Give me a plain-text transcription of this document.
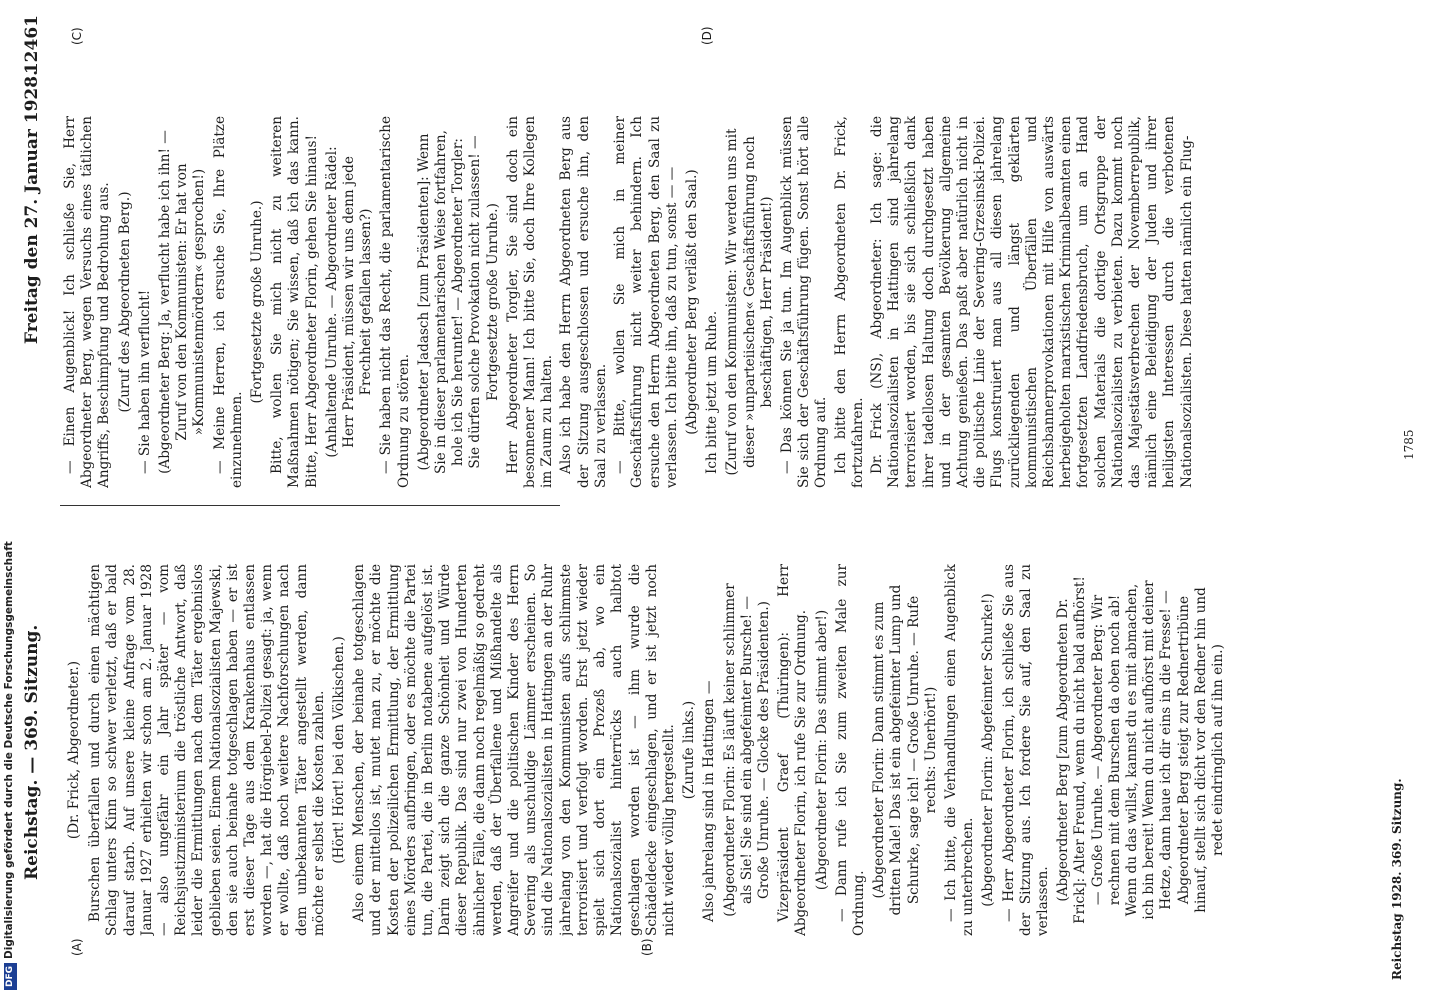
DFGDigitalisierung gefördert durch die Deutsche Forschungsgemeinschaft Reichstag. — 369. Sitzung.
Freitag den 27. Januar 1928.
12461
(A)	(B)
(C)	(D)

(Dr. Frick, Abgeordneter.) Burschen überfallen und durch einen mächtigen Schlag unters Kinn so schwer verletzt, daß er bald darauf starb. Auf unsere kleine Anfrage vom 28. Januar 1927 erhielten wir schon am 2. Januar 1928 — also ungefähr ein Jahr später — vom Reichsjustizministerium die tröstliche Antwort, daß leider die Ermittlungen nach dem Täter ergebnislos geblieben seien. Einem Nationalsozialisten Majewski, den sie auch beinahe totgeschlagen haben — er ist erst dieser Tage aus dem Krankenhaus entlassen worden —, hat die Hörgiebel-Polizei gesagt: ja, wenn er wollte, daß noch weitere Nachforschungen nach dem unbekannten Täter angestellt werden, dann möchte er selbst die Kosten zahlen. (Hört! Hört! bei den Völkischen.) Also einem Menschen, der beinahe totgeschlagen und der mittellos ist, mutet man zu, er möchte die Kosten der polizeilichen Ermittlung, der Ermittlung eines Mörders aufbringen, oder es möchte die Partei tun, die Partei, die in Berlin notabene aufgelöst ist. Darin zeigt sich die ganze Schönheit und Würde dieser Republik. Das sind nur zwei von Hunderten ähnlicher Fälle, die dann noch regelmäßig so gedreht werden, daß der Überfallene und Mißhandelte als Angreifer und die politischen Kinder des Herrn Severing als unschuldige Lämmer erscheinen. So sind die Nationalsozialisten in Hattingen an der Ruhr jahrelang von den Kommunisten aufs schlimmste terrorisiert und verfolgt worden. Erst jetzt wieder spielt sich dort ein Prozeß ab, wo ein Nationalsozialist hinterrücks auch halbtot geschlagen worden ist — ihm wurde die Schädeldecke eingeschlagen, und er ist jetzt noch nicht wieder völlig hergestellt. (Zurufe links.) Also jahrelang sind in Hattingen — (Abgeordneter Florin: Es läuft keiner schlimmer als Sie! Sie sind ein abgefeimter Bursche! — Große Unruhe. — Glocke des Präsidenten.) Vizepräsident Graef (Thüringen): Herr Abgeordneter Florin, ich rufe Sie zur Ordnung. (Abgeordneter Florin: Das stimmt aber!) — Dann rufe ich Sie zum zweiten Male zur Ordnung.

(Abgeordneter Florin: Dann stimmt es zum dritten Male! Das ist ein abgefeimter Lump und Schurke, sage ich! — Große Unruhe. — Rufe rechts: Unerhört!) — Ich bitte, die Verhandlungen einen Augenblick zu unterbrechen. (Abgeordneter Florin: Abgefeimter Schurke!) — Herr Abgeordneter Florin, ich schließe Sie aus der Sitzung aus. Ich fordere Sie auf, den Saal zu verlassen. (Abgeordneter Berg [zum Abgeordneten Dr. Frick]: Alter Freund, wenn du nicht bald aufhörst! — Große Unruhe. — Abgeordneter Berg: Wir rechnen mit dem Burschen da oben noch ab! Wenn du das willst, kannst du es mit abmachen, ich bin bereit! Wenn du nicht aufhörst mit deiner Hetze, dann haue ich dir eins in die Fresse! — Abgeordneter Berg steigt zur Rednertribüne hinauf, stellt sich dicht vor den Redner hin und redet eindringlich auf ihn ein.)

— Einen Augenblick! Ich schließe Sie, Herr Abgeordneter Berg, wegen Versuchs eines tätlichen Angriffs, Beschimpfung und Bedrohung aus. (Zuruf des Abgeordneten Berg.) — Sie haben ihn verflucht! (Abgeordneter Berg: Ja, verflucht habe ich ihn! — Zuruf von den Kommunisten: Er hat von »Kommunistenmördern« gesprochen!) — Meine Herren, ich ersuche Sie, Ihre Plätze einzunehmen.

(Fortgesetzte große Unruhe.) Bitte, wollen Sie mich nicht zu weiteren Maßnahmen nötigen; Sie wissen, daß ich das kann. Bitte, Herr Abgeordneter Florin, gehen Sie hinaus! (Anhaltende Unruhe. — Abgeordneter Rädel: Herr Präsident, müssen wir uns denn jede Frechheit gefallen lassen?) — Sie haben nicht das Recht, die parlamentarische Ordnung zu stören. (Abgeordneter Jadasch [zum Präsidenten]: Wenn Sie in dieser parlamentarischen Weise fortfahren, hole ich Sie herunter! — Abgeordneter Torgler: Sie dürfen solche Provokation nicht zulassen! — Fortgesetzte große Unruhe.) Herr Abgeordneter Torgler, Sie sind doch ein besonnener Mann! Ich bitte Sie, doch Ihre Kollegen im Zaum zu halten. Also ich habe den Herrn Abgeordneten Berg aus der Sitzung ausgeschlossen und ersuche ihn, den Saal zu verlassen. — Bitte, wollen Sie mich in meiner Geschäftsführung nicht weiter behindern. Ich ersuche den Herrn Abgeordneten Berg, den Saal zu verlassen. Ich bitte ihn, daß zu tun, sonst — — (Abgeordneter Berg verläßt den Saal.) Ich bitte jetzt um Ruhe. (Zuruf von den Kommunisten: Wir werden uns mit dieser »unparteiischen« Geschäftsführung noch beschäftigen, Herr Präsident!) — Das können Sie ja tun. Im Augenblick müssen Sie sich der Geschäftsführung fügen. Sonst hört alle Ordnung auf. Ich bitte den Herrn Abgeordneten Dr. Frick, fortzufahren. Dr. Frick (NS), Abgeordneter: Ich sage: die Nationalsozialisten in Hattingen sind jahrelang terrorisiert worden, bis sie sich schließlich dank ihrer tadellosen Haltung doch durchgesetzt haben und in der gesamten Bevölkerung allgemeine Achtung genießen. Das paßt aber natürlich nicht in die politische Linie der Severing-Grzesinski-Polizei. Flugs konstruiert man aus all diesen jahrelang zurückliegenden und längst geklärten kommunistischen Überfällen und Reichsbannerprovokationen mit Hilfe von auswärts herbeigeholten marxistischen Kriminalbeamten einen fortgesetzten Landfriedensbruch, um an Hand solchen Materials die dortige Ortsgruppe der Nationalsozialisten zu verbieten. Dazu kommt noch das Majestätsverbrechen der Novemberrepublik, nämlich eine Beleidigung der Juden und ihrer heiligsten Interessen durch die verbotenen Nationalsozialisten. Diese hatten nämlich ein Flug-

Reichstag 1928. 369. Sitzung.
1785
